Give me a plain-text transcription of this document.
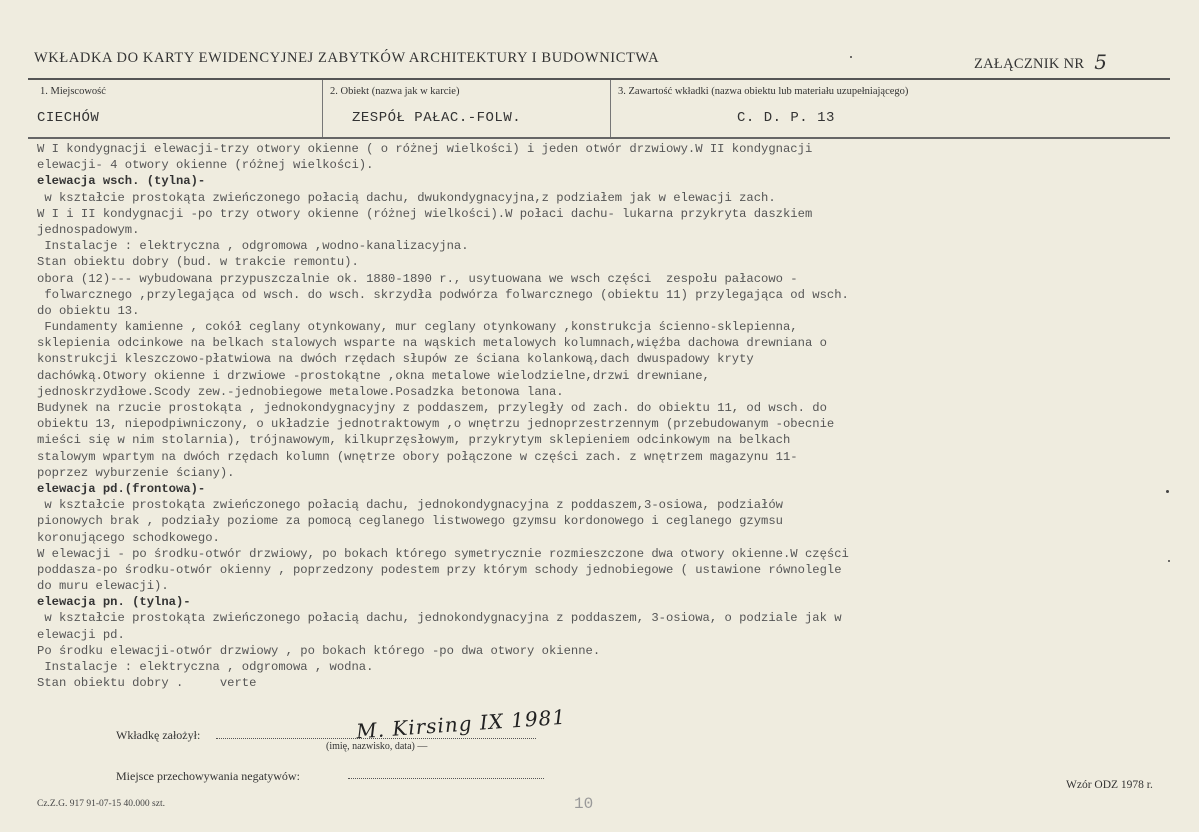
WKŁADKA DO KARTY EWIDENCYJNEJ ZABYTKÓW ARCHITEKTURY I BUDOWNICTWA	ZAŁĄCZNIK NR 5
1. Miejscowość
CIECHÓW
2. Obiekt (nazwa jak w karcie)
ZESPÓŁ PAŁAC.-FOLW.
3. Zawartość wkładki (nazwa obiektu lub materiału uzupełniającego)
C. D. P. 13
W I kondygnacji elewacji-trzy otwory okienne ( o różnej wielkości) i jeden otwór drzwiowy.W II kondygnacji
elewacji- 4 otwory okienne (różnej wielkości).
elewacja wsch. (tylna)-
w kształcie prostokąta zwieńczonego połacią dachu, dwukondygnacyjna,z podziałem jak w elewacji zach.
W I i II kondygnacji -po trzy otwory okienne (różnej wielkości).W połaci dachu- lukarna przykryta daszkiem
jednospadowym.
Instalacje : elektryczna , odgromowa ,wodno-kanalizacyjna.
Stan obiektu dobry (bud. w trakcie remontu).
obora (12)--- wybudowana przypuszczalnie ok. 1880-1890 r., usytuowana we wsch części  zespołu pałacowo -
folwarcznego ,przylegająca od wsch. do wsch. skrzydła podwórza folwarcznego (obiektu 11) przylegająca od wsch.
do obiektu 13.
Fundamenty kamienne , cokół ceglany otynkowany, mur ceglany otynkowany ,konstrukcja ścienno-sklepienna,
sklepienia odcinkowe na belkach stalowych wsparte na wąskich metalowych kolumnach,więźba dachowa drewniana o
konstrukcji kleszczowo-płatwiowa na dwóch rzędach słupów ze ściana kolankową,dach dwuspadowy kryty
dachówką.Otwory okienne i drzwiowe -prostokątne ,okna metalowe wielodzielne,drzwi drewniane,
jednoskrzydłowe.Scody zew.-jednobiegowe metalowe.Posadzka betonowa lana.
Budynek na rzucie prostokąta , jednokondygnacyjny z poddaszem, przyległy od zach. do obiektu 11, od wsch. do
obiektu 13, niepodpiwniczony, o układzie jednotraktowym ,o wnętrzu jednoprzestrzennym (przebudowanym -obecnie
mieści się w nim stolarnia), trójnawowym, kilkuprzęsłowym, przykrytym sklepieniem odcinkowym na belkach
stalowym wpartym na dwóch rzędach kolumn (wnętrze obory połączone w części zach. z wnętrzem magazynu 11-
poprzez wyburzenie ściany).
elewacja pd.(frontowa)-
w kształcie prostokąta zwieńczonego połacią dachu, jednokondygnacyjna z poddaszem,3-osiowa, podziałów
pionowych brak , podziały poziome za pomocą ceglanego listwowego gzymsu kordonowego i ceglanego gzymsu
koronującego schodkowego.
W elewacji - po środku-otwór drzwiowy, po bokach którego symetrycznie rozmieszczone dwa otwory okienne.W części
poddasza-po środku-otwór okienny , poprzedzony podestem przy którym schody jednobiegowe ( ustawione równolegle
do muru elewacji).
elewacja pn. (tylna)-
w kształcie prostokąta zwieńczonego połacią dachu, jednokondygnacyjna z poddaszem, 3-osiowa, o podziale jak w
elewacji pd.
Po środku elewacji-otwór drzwiowy , po bokach którego -po dwa otwory okienne.
Instalacje : elektryczna , odgromowa , wodna.
Stan obiektu dobry .     verte
Wkładkę założył:	M. Kirsing IX 1981
(imię, nazwisko, data) —
Miejsce przechowywania negatywów:
Cz.Z.G. 917 91-07-15 40.000 szt.	10
Wzór ODZ 1978 r.
